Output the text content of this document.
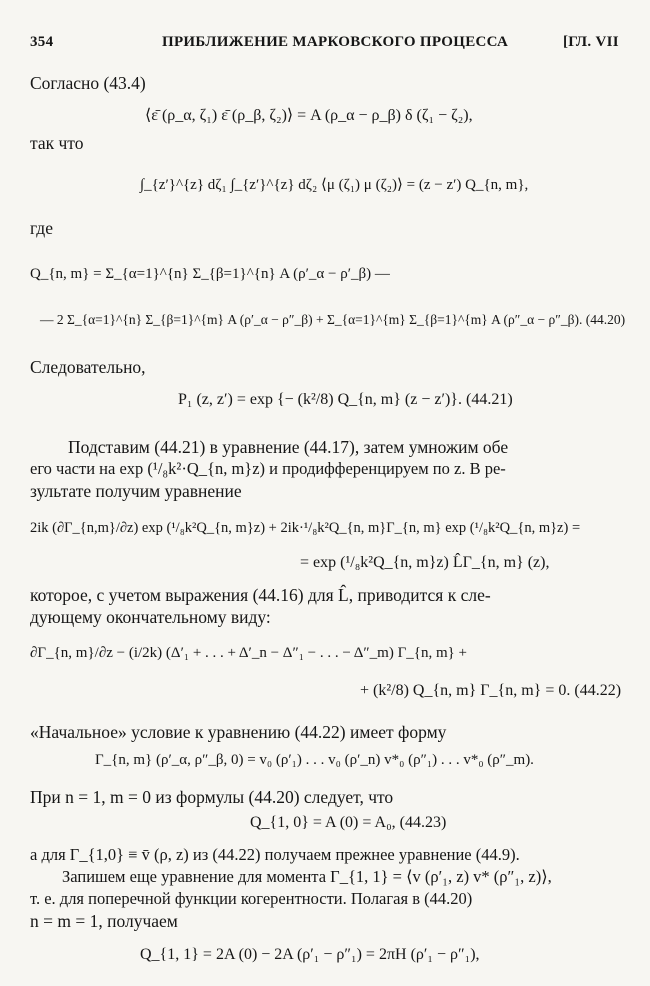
354	ПРИБЛИЖЕНИЕ МАРКОВСКОГО ПРОЦЕССА	[ГЛ. VII
Согласно (43.4)
⟨ε̄ (ρ_α, ζ₁) ε̄ (ρ_β, ζ₂)⟩ = A (ρ_α − ρ_β) δ (ζ₁ − ζ₂),
так что
∫_{z′}^{z} dζ₁ ∫_{z′}^{z} dζ₂ ⟨μ (ζ₁) μ (ζ₂)⟩ = (z − z′) Q_{n, m},
где
Q_{n, m} = Σ_{α=1}^{n} Σ_{β=1}^{n} A (ρ′_α − ρ′_β) —
— 2 Σ_{α=1}^{n} Σ_{β=1}^{m} A (ρ′_α − ρ″_β) + Σ_{α=1}^{m} Σ_{β=1}^{m} A (ρ″_α − ρ″_β). (44.20)
Следовательно,
P₁ (z, z′) = exp {− (k²/8) Q_{n, m} (z − z′)}. (44.21)
Подставим (44.21) в уравнение (44.17), затем умножим обе
его части на exp (¹/₈k²·Q_{n, m}z) и продифференцируем по z. В ре-
зультате получим уравнение
2ik (∂Γ_{n,m}/∂z) exp (¹/₈k²Q_{n, m}z) + 2ik·¹/₈k²Q_{n, m}Γ_{n, m} exp (¹/₈k²Q_{n, m}z) =
= exp (¹/₈k²Q_{n, m}z) L̂Γ_{n, m} (z),
которое, с учетом выражения (44.16) для L̂, приводится к сле-
дующему окончательному виду:
∂Γ_{n, m}/∂z − (i/2k) (Δ′₁ + . . . + Δ′_n − Δ″₁ − . . . − Δ″_m) Γ_{n, m} +
+ (k²/8) Q_{n, m} Γ_{n, m} = 0. (44.22)
«Начальное» условие к уравнению (44.22) имеет форму
Γ_{n, m} (ρ′_α, ρ″_β, 0) = v₀ (ρ′₁) . . . v₀ (ρ′_n) v*₀ (ρ″₁) . . . v*₀ (ρ″_m).
При n = 1, m = 0 из формулы (44.20) следует, что
Q_{1, 0} = A (0) = A₀, (44.23)
а для Γ_{1,0} ≡ v̄ (ρ, z) из (44.22) получаем прежнее уравнение (44.9).
Запишем еще уравнение для момента Γ_{1, 1} = ⟨v (ρ′₁, z) v* (ρ″₁, z)⟩,
т. е. для поперечной функции когерентности. Полагая в (44.20)
n = m = 1, получаем
Q_{1, 1} = 2A (0) − 2A (ρ′₁ − ρ″₁) = 2πH (ρ′₁ − ρ″₁),
